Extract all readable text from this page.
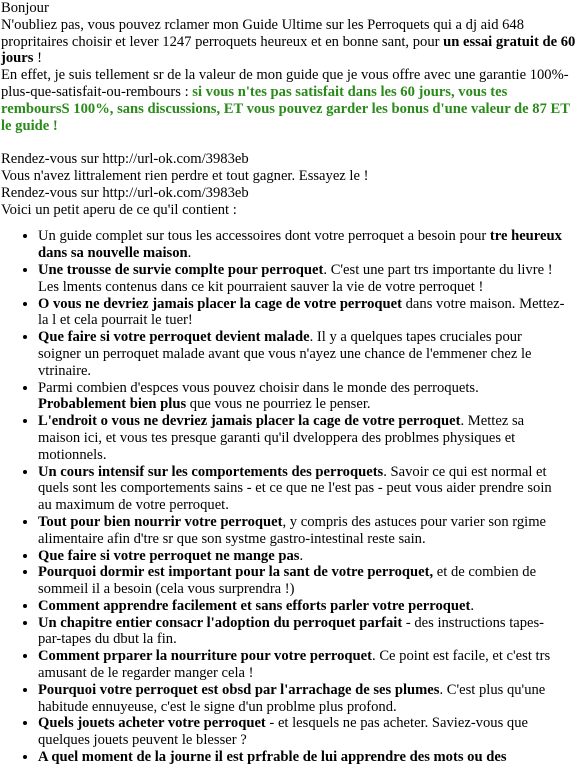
Bonjour

N'oubliez pas, vous pouvez rclamer mon Guide Ultime sur les Perroquets qui a dj aid 648 propritaires choisir et lever 1247 perroquets heureux et en bonne sant, pour un essai gratuit de 60 jours !

En effet, je suis tellement sr de la valeur de mon guide que je vous offre avec une garantie 100%-plus-que-satisfait-ou-rembours : si vous n'tes pas satisfait dans les 60 jours, vous tes remboursS 100%, sans discussions, ET vous pouvez garder les bonus d'une valeur de 87 ET le guide !

Rendez-vous sur http://url-ok.com/3983eb

Vous n'avez littralement rien perdre et tout gagner. Essayez le !

Rendez-vous sur http://url-ok.com/3983eb

Voici un petit aperu de ce qu'il contient :

• Un guide complet sur tous les accessoires dont votre perroquet a besoin pour tre heureux dans sa nouvelle maison.
• Une trousse de survie complte pour perroquet. C'est une part trs importante du livre ! Les lments contenus dans ce kit pourraient sauver la vie de votre perroquet !
• O vous ne devriez jamais placer la cage de votre perroquet dans votre maison. Mettez-la l et cela pourrait le tuer!
• Que faire si votre perroquet devient malade. Il y a quelques tapes cruciales pour soigner un perroquet malade avant que vous n'ayez une chance de l'emmener chez le vtrinaire.
• Parmi combien d'espces vous pouvez choisir dans le monde des perroquets. Probablement bien plus que vous ne pourriez le penser.
• L'endroit o vous ne devriez jamais placer la cage de votre perroquet. Mettez sa maison ici, et vous tes presque garanti qu'il dveloppera des problmes physiques et motionnels.
• Un cours intensif sur les comportements des perroquets. Savoir ce qui est normal et quels sont les comportements sains - et ce que ne l'est pas - peut vous aider prendre soin au maximum de votre perroquet.
• Tout pour bien nourrir votre perroquet, y compris des astuces pour varier son rgime alimentaire afin d'tre sr que son systme gastro-intestinal reste sain.
• Que faire si votre perroquet ne mange pas.
• Pourquoi dormir est important pour la sant de votre perroquet, et de combien de sommeil il a besoin (cela vous surprendra !)
• Comment apprendre facilement et sans efforts parler votre perroquet.
• Un chapitre entier consacr l'adoption du perroquet parfait - des instructions tapes-par-tapes du dbut la fin.
• Comment prparer la nourriture pour votre perroquet. Ce point est facile, et c'est trs amusant de le regarder manger cela !
• Pourquoi votre perroquet est obsd par l'arrachage de ses plumes. C'est plus qu'une habitude ennuyeuse, c'est le signe d'un problme plus profond.
• Quels jouets acheter votre perroquet - et lesquels ne pas acheter. Saviez-vous que quelques jouets peuvent le blesser ?
• A quel moment de la journe il est prfrable de lui apprendre des mots ou des
